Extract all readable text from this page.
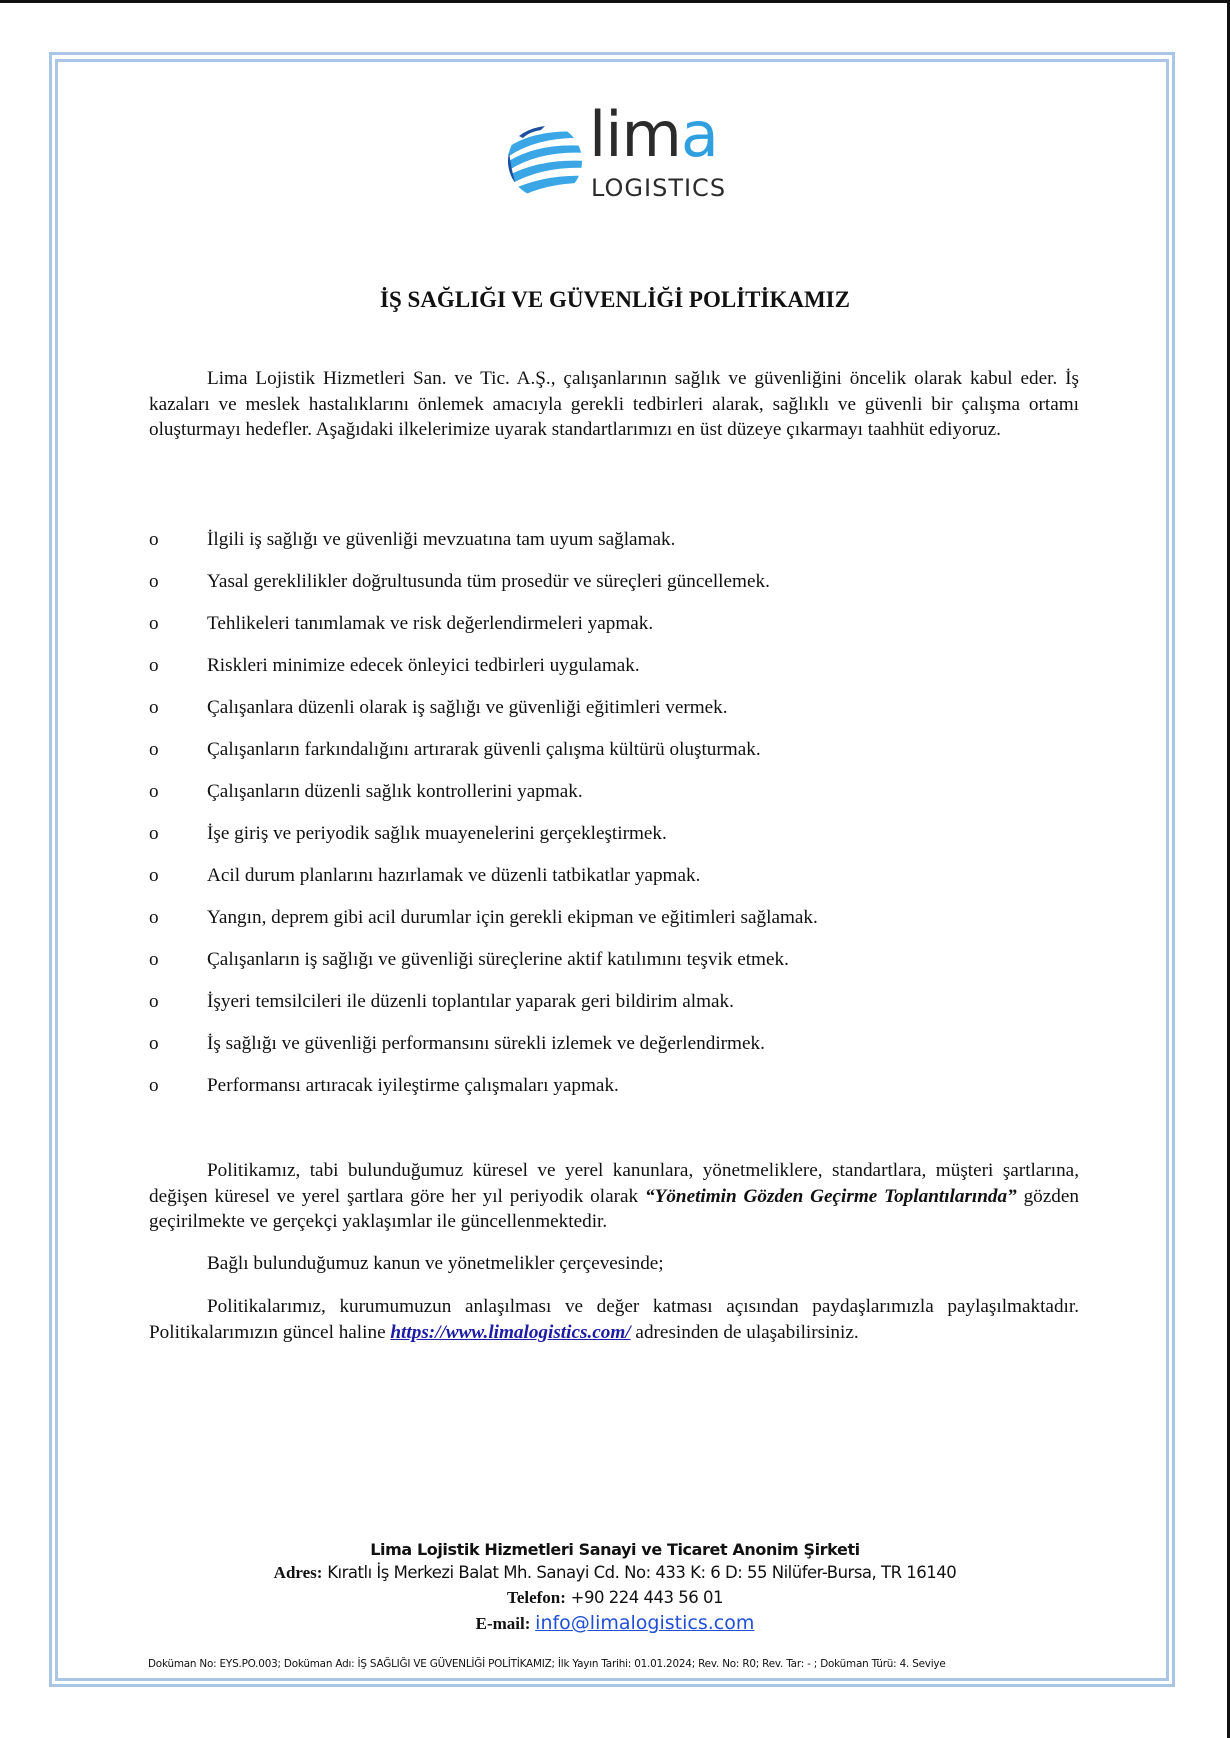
lima
LOGISTICS
İŞ SAĞLIĞI VE GÜVENLİĞİ POLİTİKAMIZ

Lima Lojistik Hizmetleri San. ve Tic. A.Ş., çalışanlarının sağlık ve güvenliğini öncelik olarak kabul eder. İş kazaları ve meslek hastalıklarını önlemek amacıyla gerekli tedbirleri alarak, sağlıklı ve güvenli bir çalışma ortamı oluşturmayı hedefler. Aşağıdaki ilkelerimize uyarak standartlarımızı en üst düzeye çıkarmayı taahhüt ediyoruz.

o	İlgili iş sağlığı ve güvenliği mevzuatına tam uyum sağlamak.
o	Yasal gereklilikler doğrultusunda tüm prosedür ve süreçleri güncellemek.
o	Tehlikeleri tanımlamak ve risk değerlendirmeleri yapmak.
o	Riskleri minimize edecek önleyici tedbirleri uygulamak.
o	Çalışanlara düzenli olarak iş sağlığı ve güvenliği eğitimleri vermek.
o	Çalışanların farkındalığını artırarak güvenli çalışma kültürü oluşturmak.
o	Çalışanların düzenli sağlık kontrollerini yapmak.
o	İşe giriş ve periyodik sağlık muayenelerini gerçekleştirmek.
o	Acil durum planlarını hazırlamak ve düzenli tatbikatlar yapmak.
o	Yangın, deprem gibi acil durumlar için gerekli ekipman ve eğitimleri sağlamak.
o	Çalışanların iş sağlığı ve güvenliği süreçlerine aktif katılımını teşvik etmek.
o	İşyeri temsilcileri ile düzenli toplantılar yaparak geri bildirim almak.
o	İş sağlığı ve güvenliği performansını sürekli izlemek ve değerlendirmek.
o	Performansı artıracak iyileştirme çalışmaları yapmak.

Politikamız, tabi bulunduğumuz küresel ve yerel kanunlara, yönetmeliklere, standartlara, müşteri şartlarına, değişen küresel ve yerel şartlara göre her yıl periyodik olarak “Yönetimin Gözden Geçirme Toplantılarında” gözden geçirilmekte ve gerçekçi yaklaşımlar ile güncellenmektedir.

Bağlı bulunduğumuz kanun ve yönetmelikler çerçevesinde;

Politikalarımız, kurumumuzun anlaşılması ve değer katması açısından paydaşlarımızla paylaşılmaktadır. Politikalarımızın güncel haline https://www.limalogistics.com/ adresinden de ulaşabilirsiniz.

Lima Lojistik Hizmetleri Sanayi ve Ticaret Anonim Şirketi
Adres: Kıratlı İş Merkezi Balat Mh. Sanayi Cd. No: 433 K: 6 D: 55 Nilüfer-Bursa, TR 16140
Telefon: +90 224 443 56 01
E-mail: info@limalogistics.com
Doküman No: EYS.PO.003; Doküman Adı: İŞ SAĞLIĞI VE GÜVENLİĞİ POLİTİKAMIZ; İlk Yayın Tarihi: 01.01.2024; Rev. No: R0; Rev. Tar: - ; Doküman Türü: 4. Seviye
